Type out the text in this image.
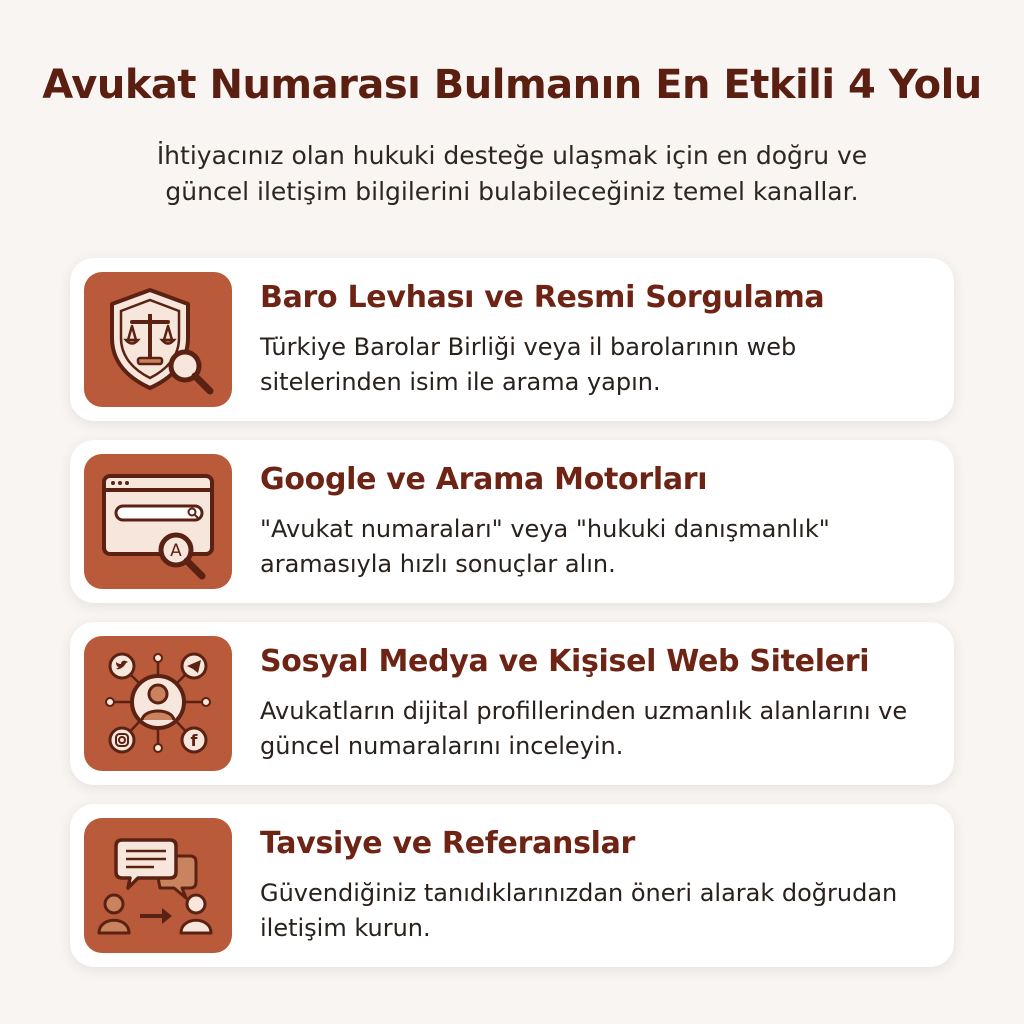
Avukat Numarası Bulmanın En Etkili 4 Yolu
İhtiyacınız olan hukuki desteğe ulaşmak için en doğru ve güncel iletişim bilgilerini bulabileceğiniz temel kanallar.
Baro Levhası ve Resmi Sorgulama
Türkiye Barolar Birliği veya il barolarının web sitelerinden isim ile arama yapın.
A
Google ve Arama Motorları
"Avukat numaraları" veya "hukuki danışmanlık" aramasıyla hızlı sonuçlar alın.
f
Sosyal Medya ve Kişisel Web Siteleri
Avukatların dijital profillerinden uzmanlık alanlarını ve güncel numaralarını inceleyin.
Tavsiye ve Referanslar
Güvendiğiniz tanıdıklarınızdan öneri alarak doğrudan iletişim kurun.
